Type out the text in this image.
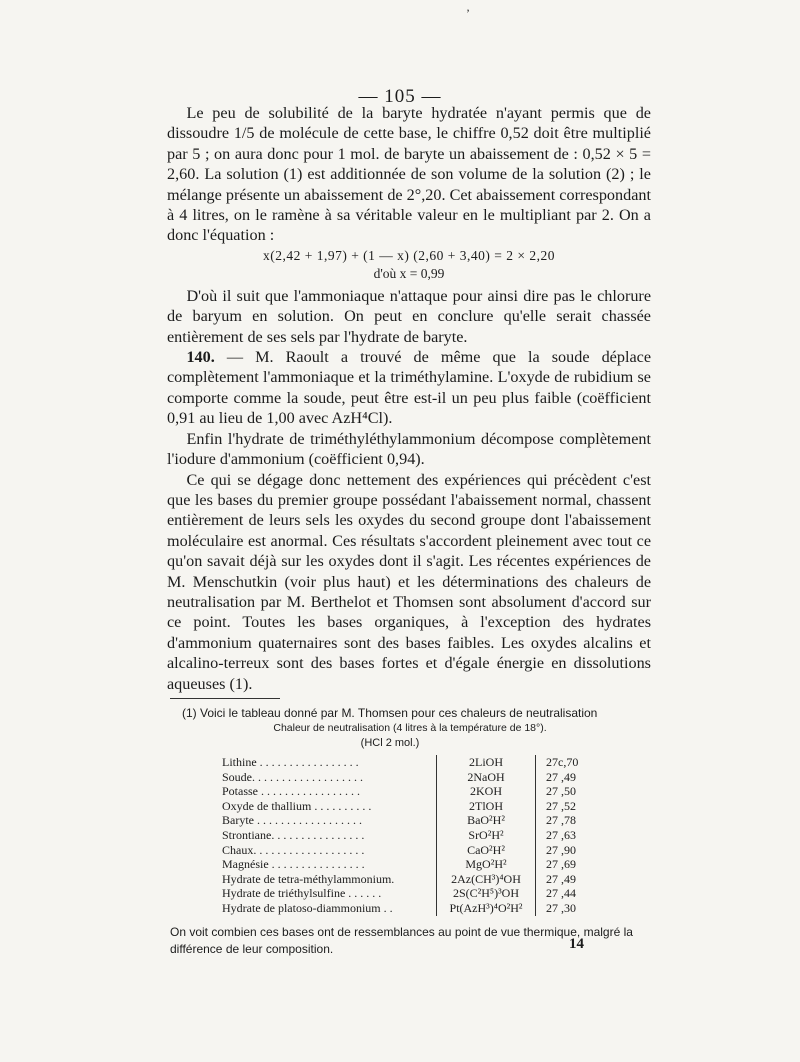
’
— 105 —

Le peu de solubilité de la baryte hydratée n'ayant permis que de dissoudre 1/5 de molécule de cette base, le chiffre 0,52 doit être multiplié par 5 ; on aura donc pour 1 mol. de baryte un abaissement de : 0,52 × 5 = 2,60. La solution (1) est additionnée de son volume de la solution (2) ; le mélange présente un abaissement de 2°,20. Cet abaissement correspondant à 4 litres, on le ramène à sa véritable valeur en le multipliant par 2. On a donc l'équation :

x(2,42 + 1,97) + (1 — x) (2,60 + 3,40) = 2 × 2,20
d'où x = 0,99

D'où il suit que l'ammoniaque n'attaque pour ainsi dire pas le chlorure de baryum en solution. On peut en conclure qu'elle serait chassée entièrement de ses sels par l'hydrate de baryte.

140. — M. Raoult a trouvé de même que la soude déplace complètement l'ammoniaque et la triméthylamine. L'oxyde de rubidium se comporte comme la soude, peut être est-il un peu plus faible (coëfficient 0,91 au lieu de 1,00 avec AzH⁴Cl).

Enfin l'hydrate de triméthyléthylammonium décompose complètement l'iodure d'ammonium (coëfficient 0,94).

Ce qui se dégage donc nettement des expériences qui précèdent c'est que les bases du premier groupe possédant l'abaissement normal, chassent entièrement de leurs sels les oxydes du second groupe dont l'abaissement moléculaire est anormal. Ces résultats s'accordent pleinement avec tout ce qu'on savait déjà sur les oxydes dont il s'agit. Les récentes expériences de M. Menschutkin (voir plus haut) et les déterminations des chaleurs de neutralisation par M. Berthelot et Thomsen sont absolument d'accord sur ce point. Toutes les bases organiques, à l'exception des hydrates d'ammonium quaternaires sont des bases faibles. Les oxydes alcalins et alcalino-terreux sont des bases fortes et d'égale énergie en dissolutions aqueuses (1).

(1) Voici le tableau donné par M. Thomsen pour ces chaleurs de neutralisation
Chaleur de neutralisation (4 litres à la température de 18°).
(HCl 2 mol.)
Lithine . . . . . . . . . . . . . . . . .	2LiOH	27c,70
Soude. . . . . . . . . . . . . . . . . . .	2NaOH	27 ,49
Potasse . . . . . . . . . . . . . . . . .	2KOH	27 ,50
Oxyde de thallium . . . . . . . . . .	2TlOH	27 ,52
Baryte . . . . . . . . . . . . . . . . . .	BaO²H²	27 ,78
Strontiane. . . . . . . . . . . . . . . .	SrO²H²	27 ,63
Chaux. . . . . . . . . . . . . . . . . . .	CaO²H²	27 ,90
Magnésie . . . . . . . . . . . . . . . .	MgO²H²	27 ,69
Hydrate de tetra-méthylammonium.	2Az(CH³)⁴OH	27 ,49
Hydrate de triéthylsulfine . . . . . .	2S(C²H⁵)³OH	27 ,44
Hydrate de platoso-diammonium . .	Pt(AzH³)⁴O²H²	27 ,30
On voit combien ces bases ont de ressemblances au point de vue thermique, malgré la différence de leur composition.	14
